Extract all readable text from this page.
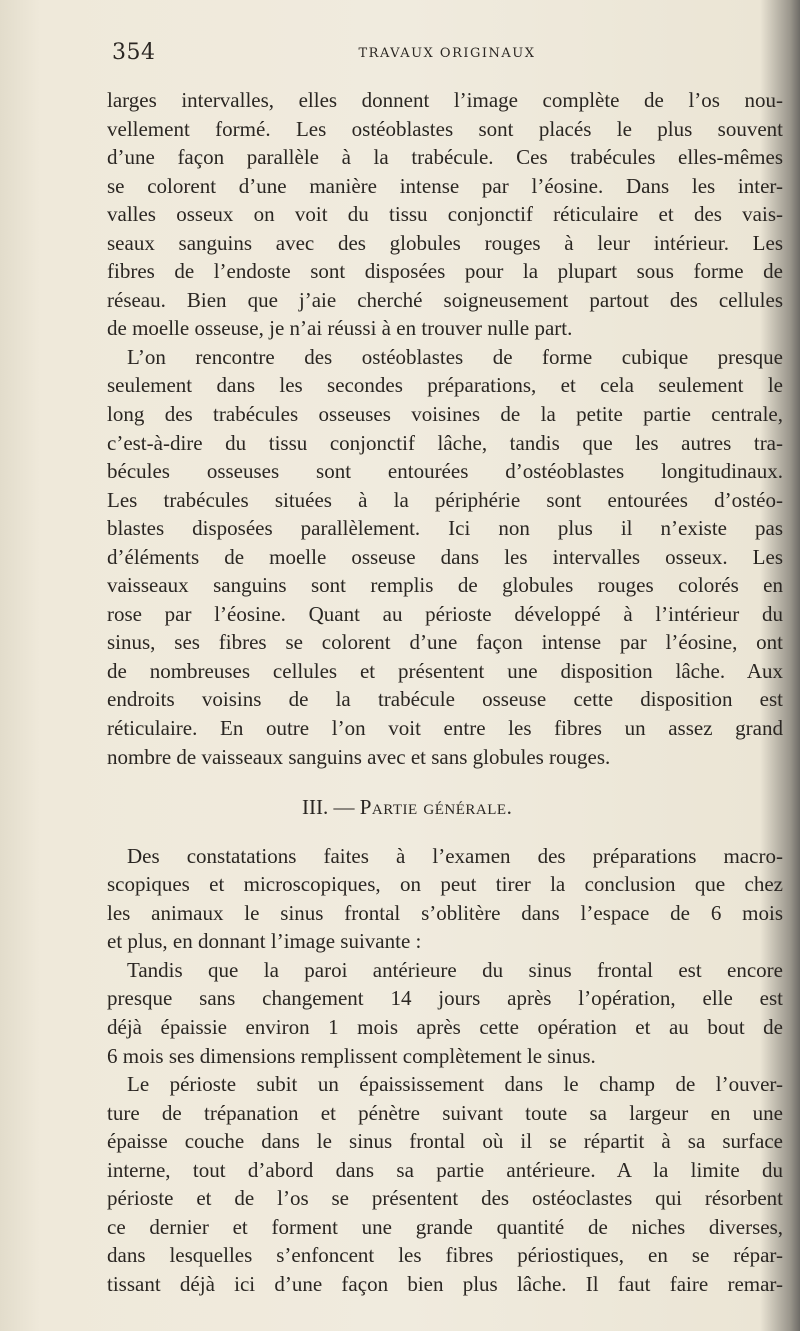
354	TRAVAUX ORIGINAUX
larges intervalles, elles donnent l’image complète de l’os nou-
vellement formé. Les ostéoblastes sont placés le plus souvent
d’une façon parallèle à la trabécule. Ces trabécules elles-mêmes
se colorent d’une manière intense par l’éosine. Dans les inter-
valles osseux on voit du tissu conjonctif réticulaire et des vais-
seaux sanguins avec des globules rouges à leur intérieur. Les
fibres de l’endoste sont disposées pour la plupart sous forme de
réseau. Bien que j’aie cherché soigneusement partout des cellules
de moelle osseuse, je n’ai réussi à en trouver nulle part.
L’on rencontre des ostéoblastes de forme cubique presque
seulement dans les secondes préparations, et cela seulement le
long des trabécules osseuses voisines de la petite partie centrale,
c’est-à-dire du tissu conjonctif lâche, tandis que les autres tra-
bécules osseuses sont entourées d’ostéoblastes longitudinaux.
Les trabécules situées à la périphérie sont entourées d’ostéo-
blastes disposées parallèlement. Ici non plus il n’existe pas
d’éléments de moelle osseuse dans les intervalles osseux. Les
vaisseaux sanguins sont remplis de globules rouges colorés en
rose par l’éosine. Quant au périoste développé à l’intérieur du
sinus, ses fibres se colorent d’une façon intense par l’éosine, ont
de nombreuses cellules et présentent une disposition lâche. Aux
endroits voisins de la trabécule osseuse cette disposition est
réticulaire. En outre l’on voit entre les fibres un assez grand
nombre de vaisseaux sanguins avec et sans globules rouges.
III. — Partie générale.
Des constatations faites à l’examen des préparations macro-
scopiques et microscopiques, on peut tirer la conclusion que chez
les animaux le sinus frontal s’oblitère dans l’espace de 6 mois
et plus, en donnant l’image suivante :
Tandis que la paroi antérieure du sinus frontal est encore
presque sans changement 14 jours après l’opération, elle est
déjà épaissie environ 1 mois après cette opération et au bout de
6 mois ses dimensions remplissent complètement le sinus.
Le périoste subit un épaississement dans le champ de l’ouver-
ture de trépanation et pénètre suivant toute sa largeur en une
épaisse couche dans le sinus frontal où il se répartit à sa surface
interne, tout d’abord dans sa partie antérieure. A la limite du
périoste et de l’os se présentent des ostéoclastes qui résorbent
ce dernier et forment une grande quantité de niches diverses,
dans lesquelles s’enfoncent les fibres périostiques, en se répar-
tissant déjà ici d’une façon bien plus lâche. Il faut faire remar-
